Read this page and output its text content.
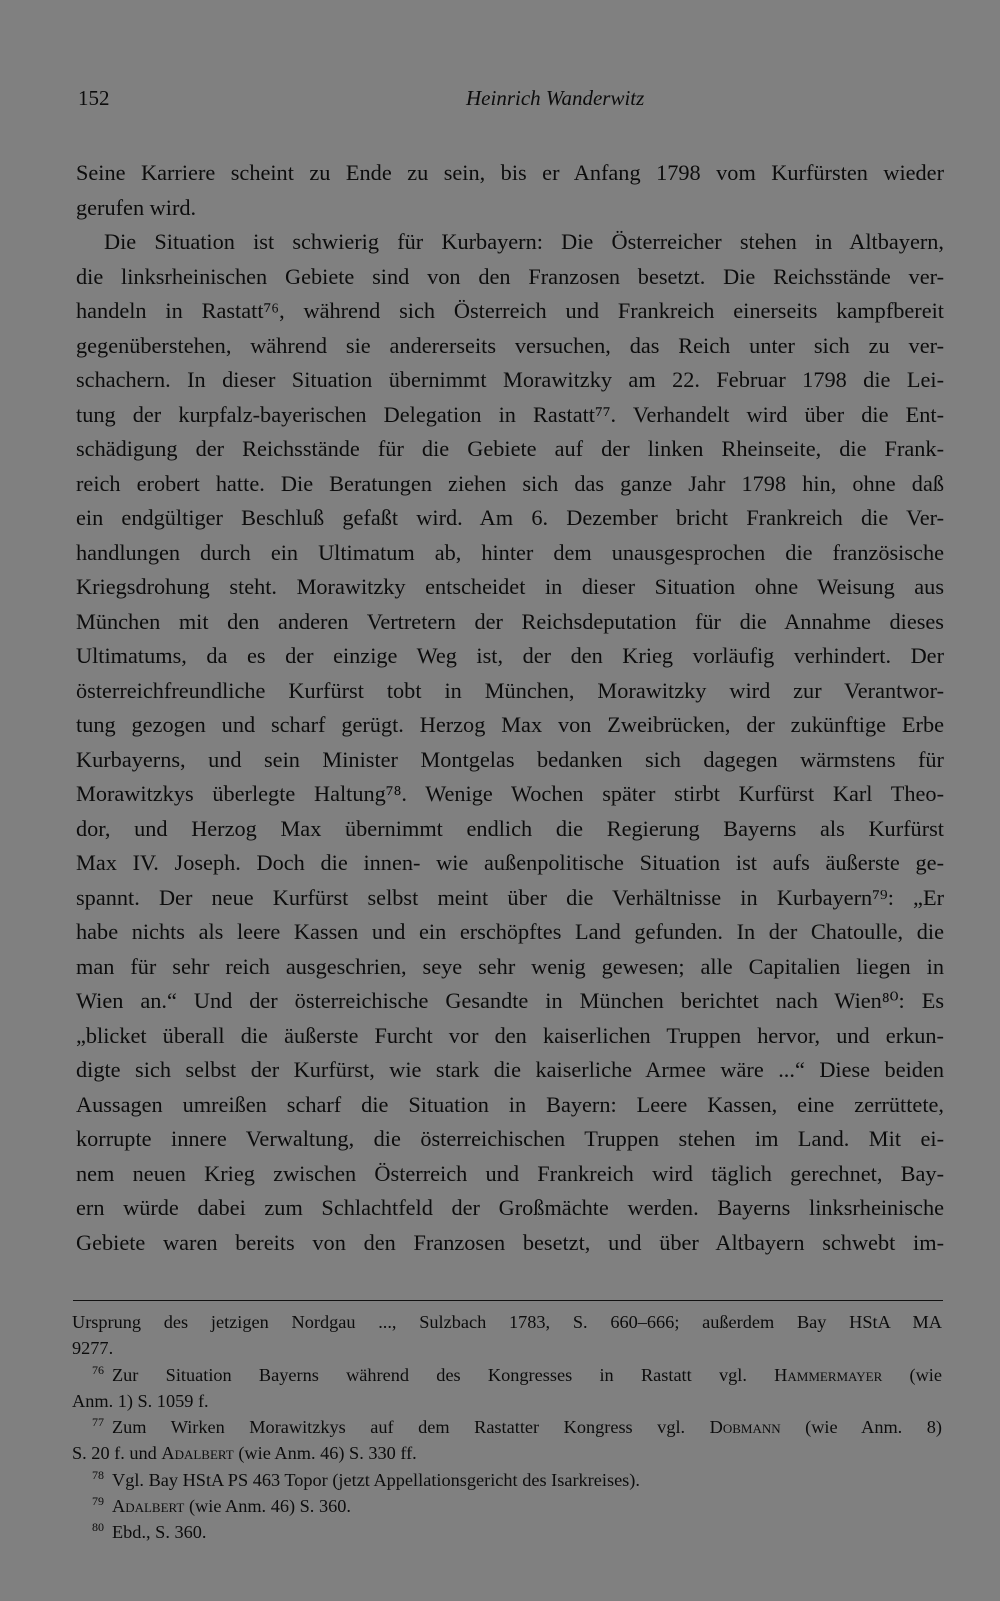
152	Heinrich Wanderwitz
Seine Karriere scheint zu Ende zu sein, bis er Anfang 1798 vom Kurfürsten wieder
gerufen wird.
Die Situation ist schwierig für Kurbayern: Die Österreicher stehen in Altbayern,
die linksrheinischen Gebiete sind von den Franzosen besetzt. Die Reichsstände ver-
handeln in Rastatt⁷⁶, während sich Österreich und Frankreich einerseits kampfbereit
gegenüberstehen, während sie andererseits versuchen, das Reich unter sich zu ver-
schachern. In dieser Situation übernimmt Morawitzky am 22. Februar 1798 die Lei-
tung der kurpfalz-bayerischen Delegation in Rastatt⁷⁷. Verhandelt wird über die Ent-
schädigung der Reichsstände für die Gebiete auf der linken Rheinseite, die Frank-
reich erobert hatte. Die Beratungen ziehen sich das ganze Jahr 1798 hin, ohne daß
ein endgültiger Beschluß gefaßt wird. Am 6. Dezember bricht Frankreich die Ver-
handlungen durch ein Ultimatum ab, hinter dem unausgesprochen die französische
Kriegsdrohung steht. Morawitzky entscheidet in dieser Situation ohne Weisung aus
München mit den anderen Vertretern der Reichsdeputation für die Annahme dieses
Ultimatums, da es der einzige Weg ist, der den Krieg vorläufig verhindert. Der
österreichfreundliche Kurfürst tobt in München, Morawitzky wird zur Verantwor-
tung gezogen und scharf gerügt. Herzog Max von Zweibrücken, der zukünftige Erbe
Kurbayerns, und sein Minister Montgelas bedanken sich dagegen wärmstens für
Morawitzkys überlegte Haltung⁷⁸. Wenige Wochen später stirbt Kurfürst Karl Theo-
dor, und Herzog Max übernimmt endlich die Regierung Bayerns als Kurfürst
Max IV. Joseph. Doch die innen- wie außenpolitische Situation ist aufs äußerste ge-
spannt. Der neue Kurfürst selbst meint über die Verhältnisse in Kurbayern⁷⁹: „Er
habe nichts als leere Kassen und ein erschöpftes Land gefunden. In der Chatoulle, die
man für sehr reich ausgeschrien, seye sehr wenig gewesen; alle Capitalien liegen in
Wien an.“ Und der österreichische Gesandte in München berichtet nach Wien⁸⁰: Es
„blicket überall die äußerste Furcht vor den kaiserlichen Truppen hervor, und erkun-
digte sich selbst der Kurfürst, wie stark die kaiserliche Armee wäre ...“ Diese beiden
Aussagen umreißen scharf die Situation in Bayern: Leere Kassen, eine zerrüttete,
korrupte innere Verwaltung, die österreichischen Truppen stehen im Land. Mit ei-
nem neuen Krieg zwischen Österreich und Frankreich wird täglich gerechnet, Bay-
ern würde dabei zum Schlachtfeld der Großmächte werden. Bayerns linksrheinische
Gebiete waren bereits von den Franzosen besetzt, und über Altbayern schwebt im-
Ursprung des jetzigen Nordgau ..., Sulzbach 1783, S. 660–666; außerdem Bay HStA MA
9277.
$^{76}$ Zur Situation Bayerns während des Kongresses in Rastatt vgl. Hammermayer (wie
Anm. 1) S. 1059 f.
$^{77}$ Zum Wirken Morawitzkys auf dem Rastatter Kongress vgl. Dobmann (wie Anm. 8)
S. 20 f. und Adalbert (wie Anm. 46) S. 330 ff.
$^{78}$ Vgl. Bay HStA PS 463 Topor (jetzt Appellationsgericht des Isarkreises).
$^{79}$ Adalbert (wie Anm. 46) S. 360.
$^{80}$ Ebd., S. 360.
